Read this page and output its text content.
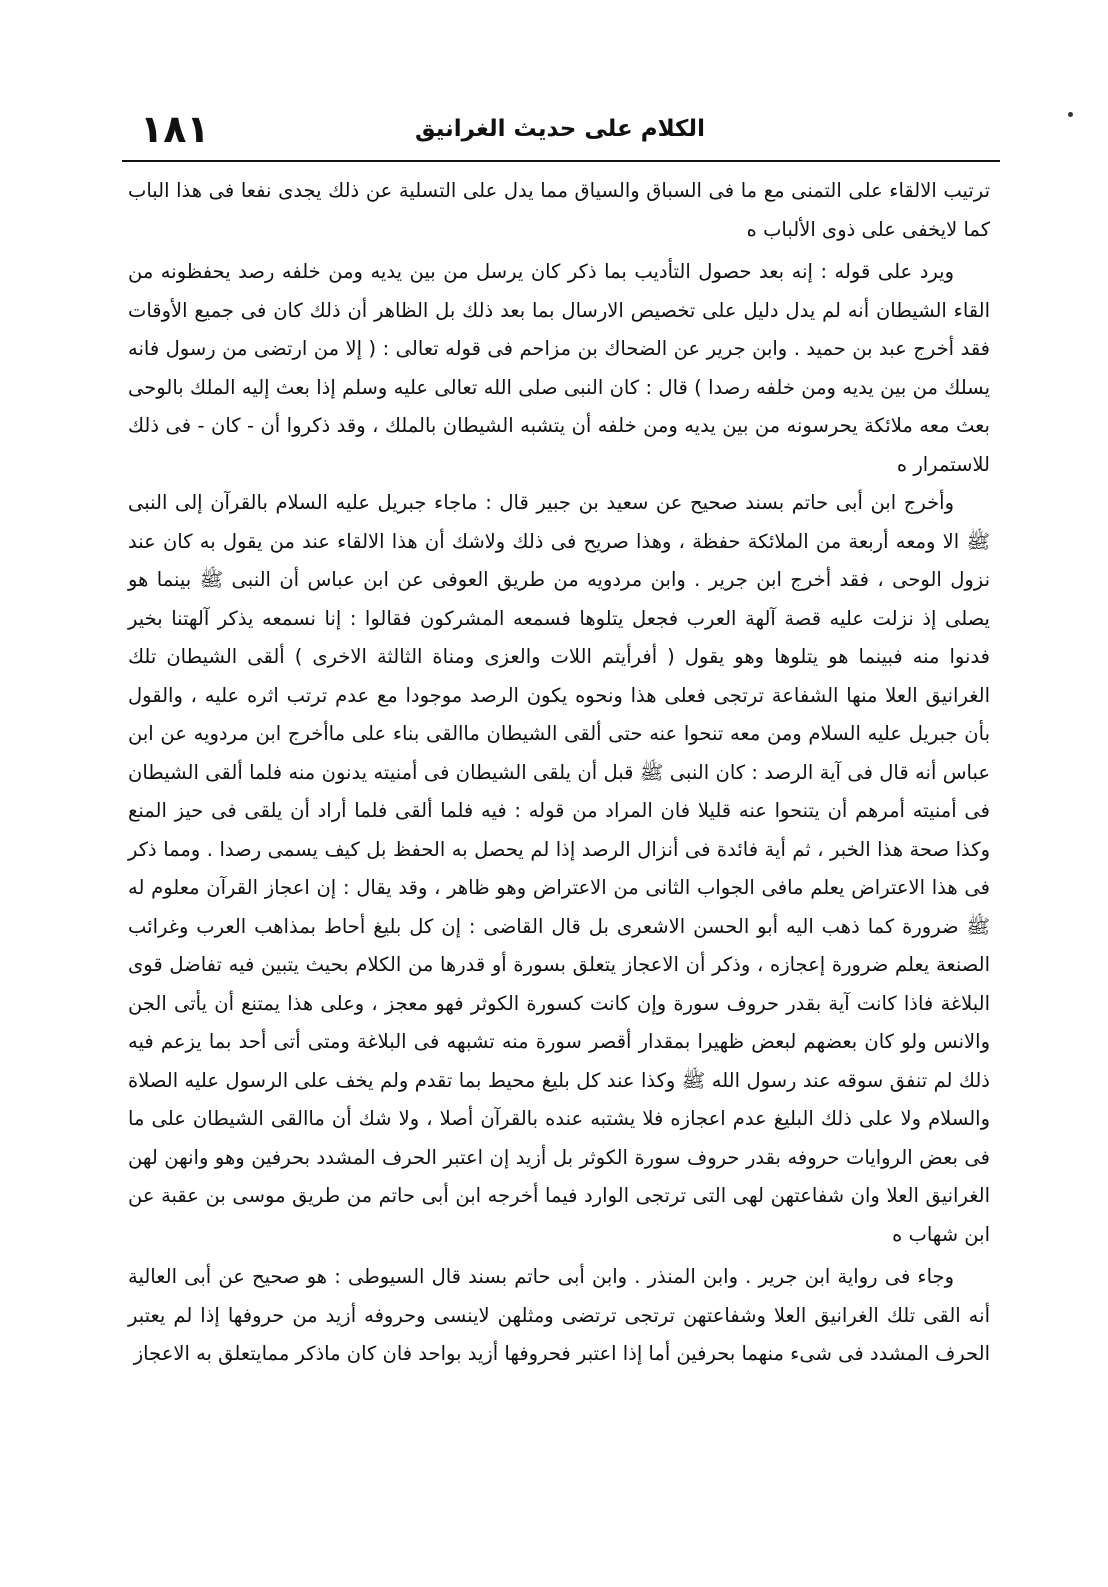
الكلام على حديث الغرانيق
١٨١

ترتيب الالقاء على التمنى مع ما فى السباق والسياق مما يدل على التسلية عن ذلك يجدى نفعا فى هذا الباب كما لايخفى على ذوى الألباب ه

ويرد على قوله : إنه بعد حصول التأديب بما ذكر كان يرسل من بين يديه ومن خلفه رصد يحفظونه من القاء الشيطان أنه لم يدل دليل على تخصيص الارسال بما بعد ذلك بل الظاهر أن ذلك كان فى جميع الأوقات فقد أخرج عبد بن حميد . وابن جرير عن الضحاك بن مزاحم فى قوله تعالى : ( إلا من ارتضى من رسول فانه يسلك من بين يديه ومن خلفه رصدا ) قال : كان النبى صلى الله تعالى عليه وسلم إذا بعث إليه الملك بالوحى بعث معه ملائكة يحرسونه من بين يديه ومن خلفه أن يتشبه الشيطان بالملك ، وقد ذكروا أن - كان - فى ذلك للاستمرار ه

وأخرج ابن أبى حاتم بسند صحيح عن سعيد بن جبير قال : ماجاء جبريل عليه السلام بالقرآن إلى النبى ﷺ الا ومعه أربعة من الملائكة حفظة ، وهذا صريح فى ذلك ولاشك أن هذا الالقاء عند من يقول به كان عند نزول الوحى ، فقد أخرج ابن جرير . وابن مردويه من طريق العوفى عن ابن عباس أن النبى ﷺ بينما هو يصلى إذ نزلت عليه قصة آلهة العرب فجعل يتلوها فسمعه المشركون فقالوا : إنا نسمعه يذكر آلهتنا بخير فدنوا منه فبينما هو يتلوها وهو يقول ( أفرأيتم اللات والعزى ومناة الثالثة الاخرى ) ألقى الشيطان تلك الغرانيق العلا منها الشفاعة ترتجى فعلى هذا ونحوه يكون الرصد موجودا مع عدم ترتب اثره عليه ، والقول بأن جبريل عليه السلام ومن معه تنحوا عنه حتى ألقى الشيطان ماالقى بناء على ماأخرج ابن مردويه عن ابن عباس أنه قال فى آية الرصد : كان النبى ﷺ قبل أن يلقى الشيطان فى أمنيته يدنون منه فلما ألقى الشيطان فى أمنيته أمرهم أن يتنحوا عنه قليلا فان المراد من قوله : فيه فلما ألقى فلما أراد أن يلقى فى حيز المنع وكذا صحة هذا الخبر ، ثم أية فائدة فى أنزال الرصد إذا لم يحصل به الحفظ بل كيف يسمى رصدا . ومما ذكر فى هذا الاعتراض يعلم مافى الجواب الثانى من الاعتراض وهو ظاهر ، وقد يقال : إن اعجاز القرآن معلوم له ﷺ ضرورة كما ذهب اليه أبو الحسن الاشعرى بل قال القاضى : إن كل بليغ أحاط بمذاهب العرب وغرائب الصنعة يعلم ضرورة إعجازه ، وذكر أن الاعجاز يتعلق بسورة أو قدرها من الكلام بحيث يتبين فيه تفاضل قوى البلاغة فاذا كانت آية بقدر حروف سورة وإن كانت كسورة الكوثر فهو معجز ، وعلى هذا يمتنع أن يأتى الجن والانس ولو كان بعضهم لبعض ظهيرا بمقدار أقصر سورة منه تشبهه فى البلاغة ومتى أتى أحد بما يزعم فيه ذلك لم تنفق سوقه عند رسول الله ﷺ وكذا عند كل بليغ محيط بما تقدم ولم يخف على الرسول عليه الصلاة والسلام ولا على ذلك البليغ عدم اعجازه فلا يشتبه عنده بالقرآن أصلا ، ولا شك أن ماالقى الشيطان على ما فى بعض الروايات حروفه بقدر حروف سورة الكوثر بل أزيد إن اعتبر الحرف المشدد بحرفين وهو وانهن لهن الغرانيق العلا وان شفاعتهن لهى التى ترتجى الوارد فيما أخرجه ابن أبى حاتم من طريق موسى بن عقبة عن ابن شهاب ه

وجاء فى رواية ابن جرير . وابن المنذر . وابن أبى حاتم بسند قال السيوطى : هو صحيح عن أبى العالية أنه القى تلك الغرانيق العلا وشفاعتهن ترتجى ترتضى ومثلهن لاينسى وحروفه أزيد من حروفها إذا لم يعتبر الحرف المشدد فى شىء منهما بحرفين أما إذا اعتبر فحروفها أزيد بواحد فان كان ماذكر ممايتعلق به الاعجاز
